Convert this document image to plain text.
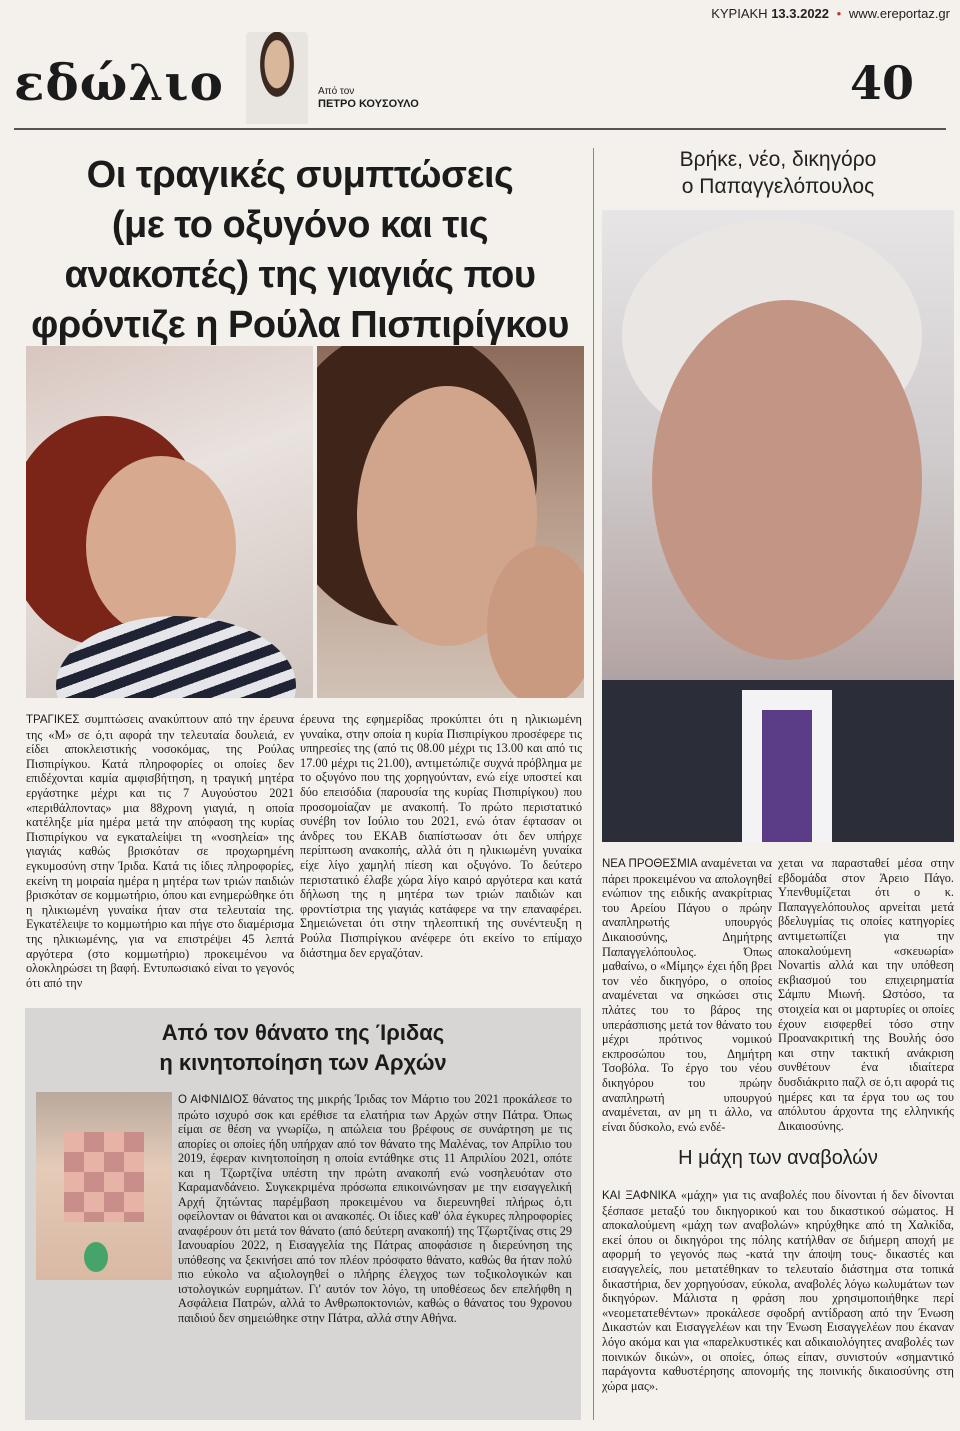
ΚΥΡΙΑΚΗ 13.3.2022 • www.ereportaz.gr
εδώλιο	Από τον
ΠΕΤΡΟ ΚΟΥΣΟΥΛΟ	40
Οι τραγικές συμπτώσεις
(με το οξυγόνο και τις
ανακοπές) της γιαγιάς που
φρόντιζε η Ρούλα Πισπιρίγκου
ΤΡΑΓΙΚΕΣ συμπτώσεις ανακύπτουν από την έρευνα της «Μ» σε ό,τι αφορά την τελευταία δουλειά, εν είδει αποκλειστικής νοσοκόμας, της Ρούλας Πισπιρίγκου. Κατά πληροφορίες οι οποίες δεν επιδέχονται καμία αμφισβήτηση, η τραγική μητέρα εργάστηκε μέχρι και τις 7 Αυγούστου 2021 «περιθάλποντας» μια 88χρονη γιαγιά, η οποία κατέληξε μία ημέρα μετά την απόφαση της κυρίας Πισπιρίγκου να εγκαταλείψει τη «νοσηλεία» της γιαγιάς καθώς βρισκόταν σε προχωρημένη εγκυμοσύνη στην Ίριδα. Κατά τις ίδιες πληροφορίες, εκείνη τη μοιραία ημέρα η μητέρα των τριών παιδιών βρισκόταν σε κομμωτήριο, όπου και ενημερώθηκε ότι η ηλικιωμένη γυναίκα ήταν στα τελευταία της. Εγκατέλειψε το κομμωτήριο και πήγε στο διαμέρισμα της ηλικιωμένης, για να επιστρέψει 45 λεπτά αργότερα (στο κομμωτήριο) προκειμένου να ολοκληρώσει τη βαφή. Εντυπωσιακό είναι το γεγονός ότι από την
έρευνα της εφημερίδας προκύπτει ότι η ηλικιωμένη γυναίκα, στην οποία η κυρία Πισπιρίγκου προσέφερε τις υπηρεσίες της (από τις 08.00 μέχρι τις 13.00 και από τις 17.00 μέχρι τις 21.00), αντιμετώπιζε συχνά πρόβλημα με το οξυγόνο που της χορηγούνταν, ενώ είχε υποστεί και δύο επεισόδια (παρουσία της κυρίας Πισπιρίγκου) που προσομοίαζαν με ανακοπή. Το πρώτο περιστατικό συνέβη τον Ιούλιο του 2021, ενώ όταν έφτασαν οι άνδρες του ΕΚΑΒ διαπίστωσαν ότι δεν υπήρχε περίπτωση ανακοπής, αλλά ότι η ηλικιωμένη γυναίκα είχε λίγο χαμηλή πίεση και οξυγόνο. Το δεύτερο περιστατικό έλαβε χώρα λίγο καιρό αργότερα και κατά δήλωση της η μητέρα των τριών παιδιών και φροντίστρια της γιαγιάς κατάφερε να την επαναφέρει. Σημειώνεται ότι στην τηλεοπτική της συνέντευξη η Ρούλα Πισπιρίγκου ανέφερε ότι εκείνο το επίμαχο διάστημα δεν εργαζόταν.
Από τον θάνατο της Ίριδας
η κινητοποίηση των Αρχών
Ο ΑΙΦΝΙΔΙΟΣ θάνατος της μικρής Ίριδας τον Μάρτιο του 2021 προκάλεσε το πρώτο ισχυρό σοκ και ερέθισε τα ελατήρια των Αρχών στην Πάτρα. Όπως είμαι σε θέση να γνωρίζω, η απώλεια του βρέφους σε συνάρτηση με τις απορίες οι οποίες ήδη υπήρχαν από τον θάνατο της Μαλένας, τον Απρίλιο του 2019, έφεραν κινητοποίηση η οποία εντάθηκε στις 11 Απριλίου 2021, οπότε και η Τζωρτζίνα υπέστη την πρώτη ανακοπή ενώ νοσηλευόταν στο Καραμανδάνειο. Συγκεκριμένα πρόσωπα επικοινώνησαν με την εισαγγελική Αρχή ζητώντας παρέμβαση προκειμένου να διερευνηθεί πλήρως ό,τι οφείλονταν οι θάνατοι και οι ανακοπές. Οι ίδιες καθ' όλα έγκυρες πληροφορίες αναφέρουν ότι μετά τον θάνατο (από δεύτερη ανακοπή) της Τζωρτζίνας στις 29 Ιανουαρίου 2022, η Εισαγγελία της Πάτρας αποφάσισε η διερεύνηση της υπόθεσης να ξεκινήσει από τον πλέον πρόσφατο θάνατο, καθώς θα ήταν πολύ πιο εύκολο να αξιολογηθεί ο πλήρης έλεγχος των τοξικολογικών και ιστολογικών ευρημάτων. Γι' αυτόν τον λόγο, τη υποθέσεως δεν επελήφθη η Ασφάλεια Πατρών, αλλά το Ανθρωποκτονιών, καθώς ο θάνατος του 9χρονου παιδιού δεν σημειώθηκε στην Πάτρα, αλλά στην Αθήνα.
Βρήκε, νέο, δικηγόρο
ο Παπαγγελόπουλος
ΝΕΑ ΠΡΟΘΕΣΜΙΑ αναμένεται να πάρει προκειμένου να απολογηθεί ενώπιον της ειδικής ανακρίτριας του Αρείου Πάγου ο πρώην αναπληρωτής υπουργός Δικαιοσύνης, Δημήτρης Παπαγγελόπουλος. Όπως μαθαίνω, ο «Μίμης» έχει ήδη βρει τον νέο δικηγόρο, ο οποίος αναμένεται να σηκώσει στις πλάτες του το βάρος της υπεράσπισης μετά τον θάνατο του μέχρι πρότινος νομικού εκπροσώπου του, Δημήτρη Τσοβόλα. Το έργο του νέου δικηγόρου του πρώην αναπληρωτή υπουργού αναμένεται, αν μη τι άλλο, να είναι δύσκολο, ενώ ενδέ-
χεται να παρασταθεί μέσα στην εβδομάδα στον Άρειο Πάγο. Υπενθυμίζεται ότι ο κ. Παπαγγελόπουλος αρνείται μετά βδελυγμίας τις οποίες κατηγορίες αντιμετωπίζει για την αποκαλούμενη «σκευωρία» Novartis αλλά και την υπόθεση εκβιασμού του επιχειρηματία Σάμπυ Μιωνή. Ωστόσο, τα στοιχεία και οι μαρτυρίες οι οποίες έχουν εισφερθεί τόσο στην Προανακριτική της Βουλής όσο και στην τακτική ανάκριση συνθέτουν ένα ιδιαίτερα δυσδιάκριτο παζλ σε ό,τι αφορά τις ημέρες και τα έργα του ως του απόλυτου άρχοντα της ελληνικής Δικαιοσύνης.
Η μάχη των αναβολών
ΚΑΙ ΞΑΦΝΙΚΑ «μάχη» για τις αναβολές που δίνονται ή δεν δίνονται ξέσπασε μεταξύ του δικηγορικού και του δικαστικού σώματος. Η αποκαλούμενη «μάχη των αναβολών» κηρύχθηκε από τη Χαλκίδα, εκεί όπου οι δικηγόροι της πόλης κατήλθαν σε διήμερη αποχή με αφορμή το γεγονός πως -κατά την άποψη τους- δικαστές και εισαγγελείς, που μετατέθηκαν το τελευταίο διάστημα στα τοπικά δικαστήρια, δεν χορηγούσαν, εύκολα, αναβολές λόγω κωλυμάτων των δικηγόρων. Μάλιστα η φράση που χρησιμοποιήθηκε περί «νεομετατεθέντων» προκάλεσε σφοδρή αντίδραση από την Ένωση Δικαστών και Εισαγγελέων και την Ένωση Εισαγγελέων που έκαναν λόγο ακόμα και για «παρελκυστικές και αδικαιολόγητες αναβολές των ποινικών δικών», οι οποίες, όπως είπαν, συνιστούν «σημαντικό παράγοντα καθυστέρησης απονομής της ποινικής δικαιοσύνης στη χώρα μας».
